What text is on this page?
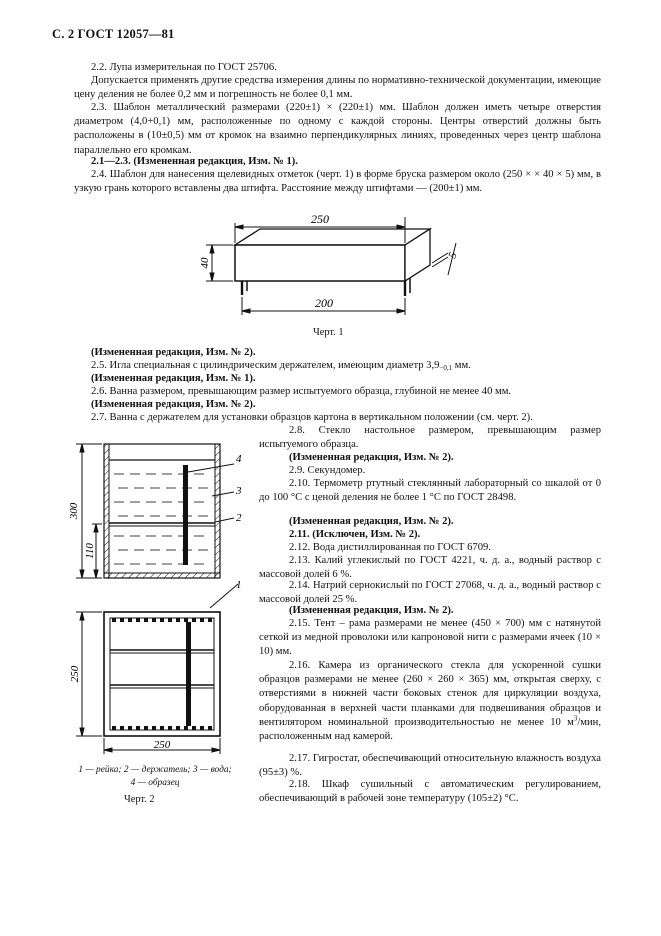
С. 2 ГОСТ 12057—81
2.2. Лупа измерительная по ГОСТ 25706.
Допускается применять другие средства измерения длины по нормативно-технической документации, имеющие цену деления не более 0,2 мм и погрешность не более 0,1 мм.
2.3. Шаблон металлический размерами (220±1) × (220±1) мм. Шаблон должен иметь четыре отверстия диаметром (4,0+0,1) мм, расположенные по одному с каждой стороны. Центры отверстий должны быть расположены в (10±0,5) мм от кромок на взаимно перпендикулярных линиях, проведенных через центр шаблона параллельно его кромкам.
2.1—2.3. (Измененная редакция, Изм. № 1).
2.4. Шаблон для нанесения щелевидных отметок (черт. 1) в форме бруска размером около (250 × × 40 × 5) мм, в узкую грань которого вставлены два штифта. Расстояние между штифтами — (200±1) мм.
250
40
5
200
Черт. 1
(Измененная редакция, Изм. № 2).
2.5. Игла специальная с цилиндрическим держателем, имеющим диаметр $3,9_{-0,1}$ мм.
(Измененная редакция, Изм. № 1).
2.6. Ванна размером, превышающим размер испытуемого образца, глубиной не менее 40 мм.
(Измененная редакция, Изм. № 2).
2.7. Ванна с держателем для установки образцов картона в вертикальном положении (см. черт. 2).
300
110
250
250
4
3
2
1
1 — рейка; 2 — держатель; 3 — вода;
4 — образец
Черт. 2
2.8. Стекло настольное размером, превышающим размер испытуемого образца.
(Измененная редакция, Изм. № 2).
2.9. Секундомер.
2.10. Термометр ртутный стеклянный лабораторный со шкалой от 0 до 100 °С с ценой деления не более 1 °С по ГОСТ 28498.
(Измененная редакция, Изм. № 2).
2.11. (Исключен, Изм. № 2).
2.12. Вода дистиллированная по ГОСТ 6709.
2.13. Калий углекислый по ГОСТ 4221, ч. д. а., водный раствор с массовой долей 6 %.
2.14. Натрий сернокислый по ГОСТ 27068, ч. д. а., водный раствор с массовой долей 25 %.
(Измененная редакция, Изм. № 2).
2.15. Тент – рама размерами не менее (450 × 700) мм с натянутой сеткой из медной проволоки или капроновой нити с размерами ячеек (10 × 10) мм.
2.16. Камера из органического стекла для ускоренной сушки образцов размерами не менее (260 × 260 × 365) мм, открытая сверху, с отверстиями в нижней части боковых стенок для циркуляции воздуха, оборудованная в верхней части планками для подвешивания образцов и вентилятором номинальной производительностью не менее 10 $м^3$/мин, расположенным над камерой.
2.17. Гигростат, обеспечивающий относительную влажность воздуха (95±3) %.
2.18. Шкаф сушильный с автоматическим регулированием, обеспечивающий в рабочей зоне температуру (105±2) °С.
